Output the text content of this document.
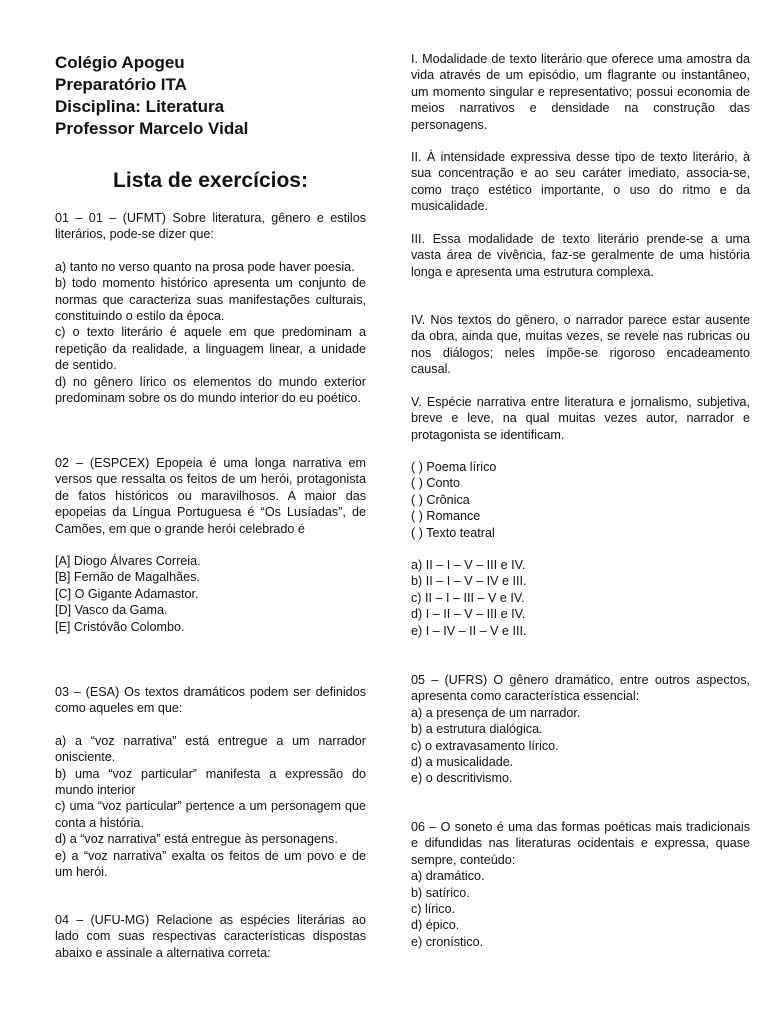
Colégio Apogeu
Preparatório ITA
Disciplina: Literatura
Professor Marcelo Vidal
Lista de exercícios:

01 – 01 – (UFMT) Sobre literatura, gênero e estilos literários, pode-se dizer que:

a) tanto no verso quanto na prosa pode haver poesia.

b) todo momento histórico apresenta um conjunto de normas que caracteriza suas manifestações culturais, constituindo o estilo da época.

c) o texto literário é aquele em que predominam a repetição da realidade, a linguagem linear, a unidade de sentido.

d) no gênero lírico os elementos do mundo exterior predominam sobre os do mundo interior do eu poético.

02 – (ESPCEX) Epopeia é uma longa narrativa em versos que ressalta os feitos de um herói, protagonista de fatos históricos ou maravilhosos. A maior das epopeias da Língua Portuguesa é “Os Lusíadas”, de Camões, em que o grande herói celebrado é

[A] Diogo Álvares Correia.

[B] Fernão de Magalhães.

[C] O Gigante Adamastor.

[D] Vasco da Gama.

[E] Cristóvão Colombo.

03 – (ESA) Os textos dramáticos podem ser definidos como aqueles em que:

a) a “voz narrativa” está entregue a um narrador onisciente.

b) uma “voz particular” manifesta a expressão do mundo interior

c) uma “voz particular” pertence a um personagem que conta a história.

d) a “voz narrativa” está entregue às personagens.

e) a “voz narrativa” exalta os feitos de um povo e de um herói.

04 – (UFU-MG) Relacione as espécies literárias ao lado com suas respectivas características dispostas abaixo e assinale a alternativa correta:

I. Modalidade de texto literário que oferece uma amostra da vida através de um episódio, um flagrante ou instantâneo, um momento singular e representativo; possui economia de meios narrativos e densidade na construção das personagens.

II. À intensidade expressiva desse tipo de texto literário, à sua concentração e ao seu caráter imediato, associa-se, como traço estético importante, o uso do ritmo e da musicalidade.

III. Essa modalidade de texto literário prende-se a uma vasta área de vivência, faz-se geralmente de uma história longa e apresenta uma estrutura complexa.

IV. Nos textos do gênero, o narrador parece estar ausente da obra, ainda que, muitas vezes, se revele nas rubricas ou nos diálogos; neles impõe-se rigoroso encadeamento causal.

V. Espécie narrativa entre literatura e jornalismo, subjetiva, breve e leve, na qual muitas vezes autor, narrador e protagonista se identificam.

( ) Poema lírico

( ) Conto

( ) Crônica

( ) Romance

( ) Texto teatral

a) II – I – V – III e IV.

b) II – I – V – IV e III.

c) II – I – III – V e IV.

d) I – II – V – III e IV.

e) I – IV – II – V e III.

05 – (UFRS) O gênero dramático, entre outros aspectos, apresenta como característica essencial:

a) a presença de um narrador.

b) a estrutura dialógica.

c) o extravasamento lírico.

d) a musicalidade.

e) o descritivismo.

06 – O soneto é uma das formas poéticas mais tradicionais e difundidas nas literaturas ocidentais e expressa, quase sempre, conteúdo:

a) dramático.

b) satírico.

c) lírico.

d) épico.

e) cronístico.
